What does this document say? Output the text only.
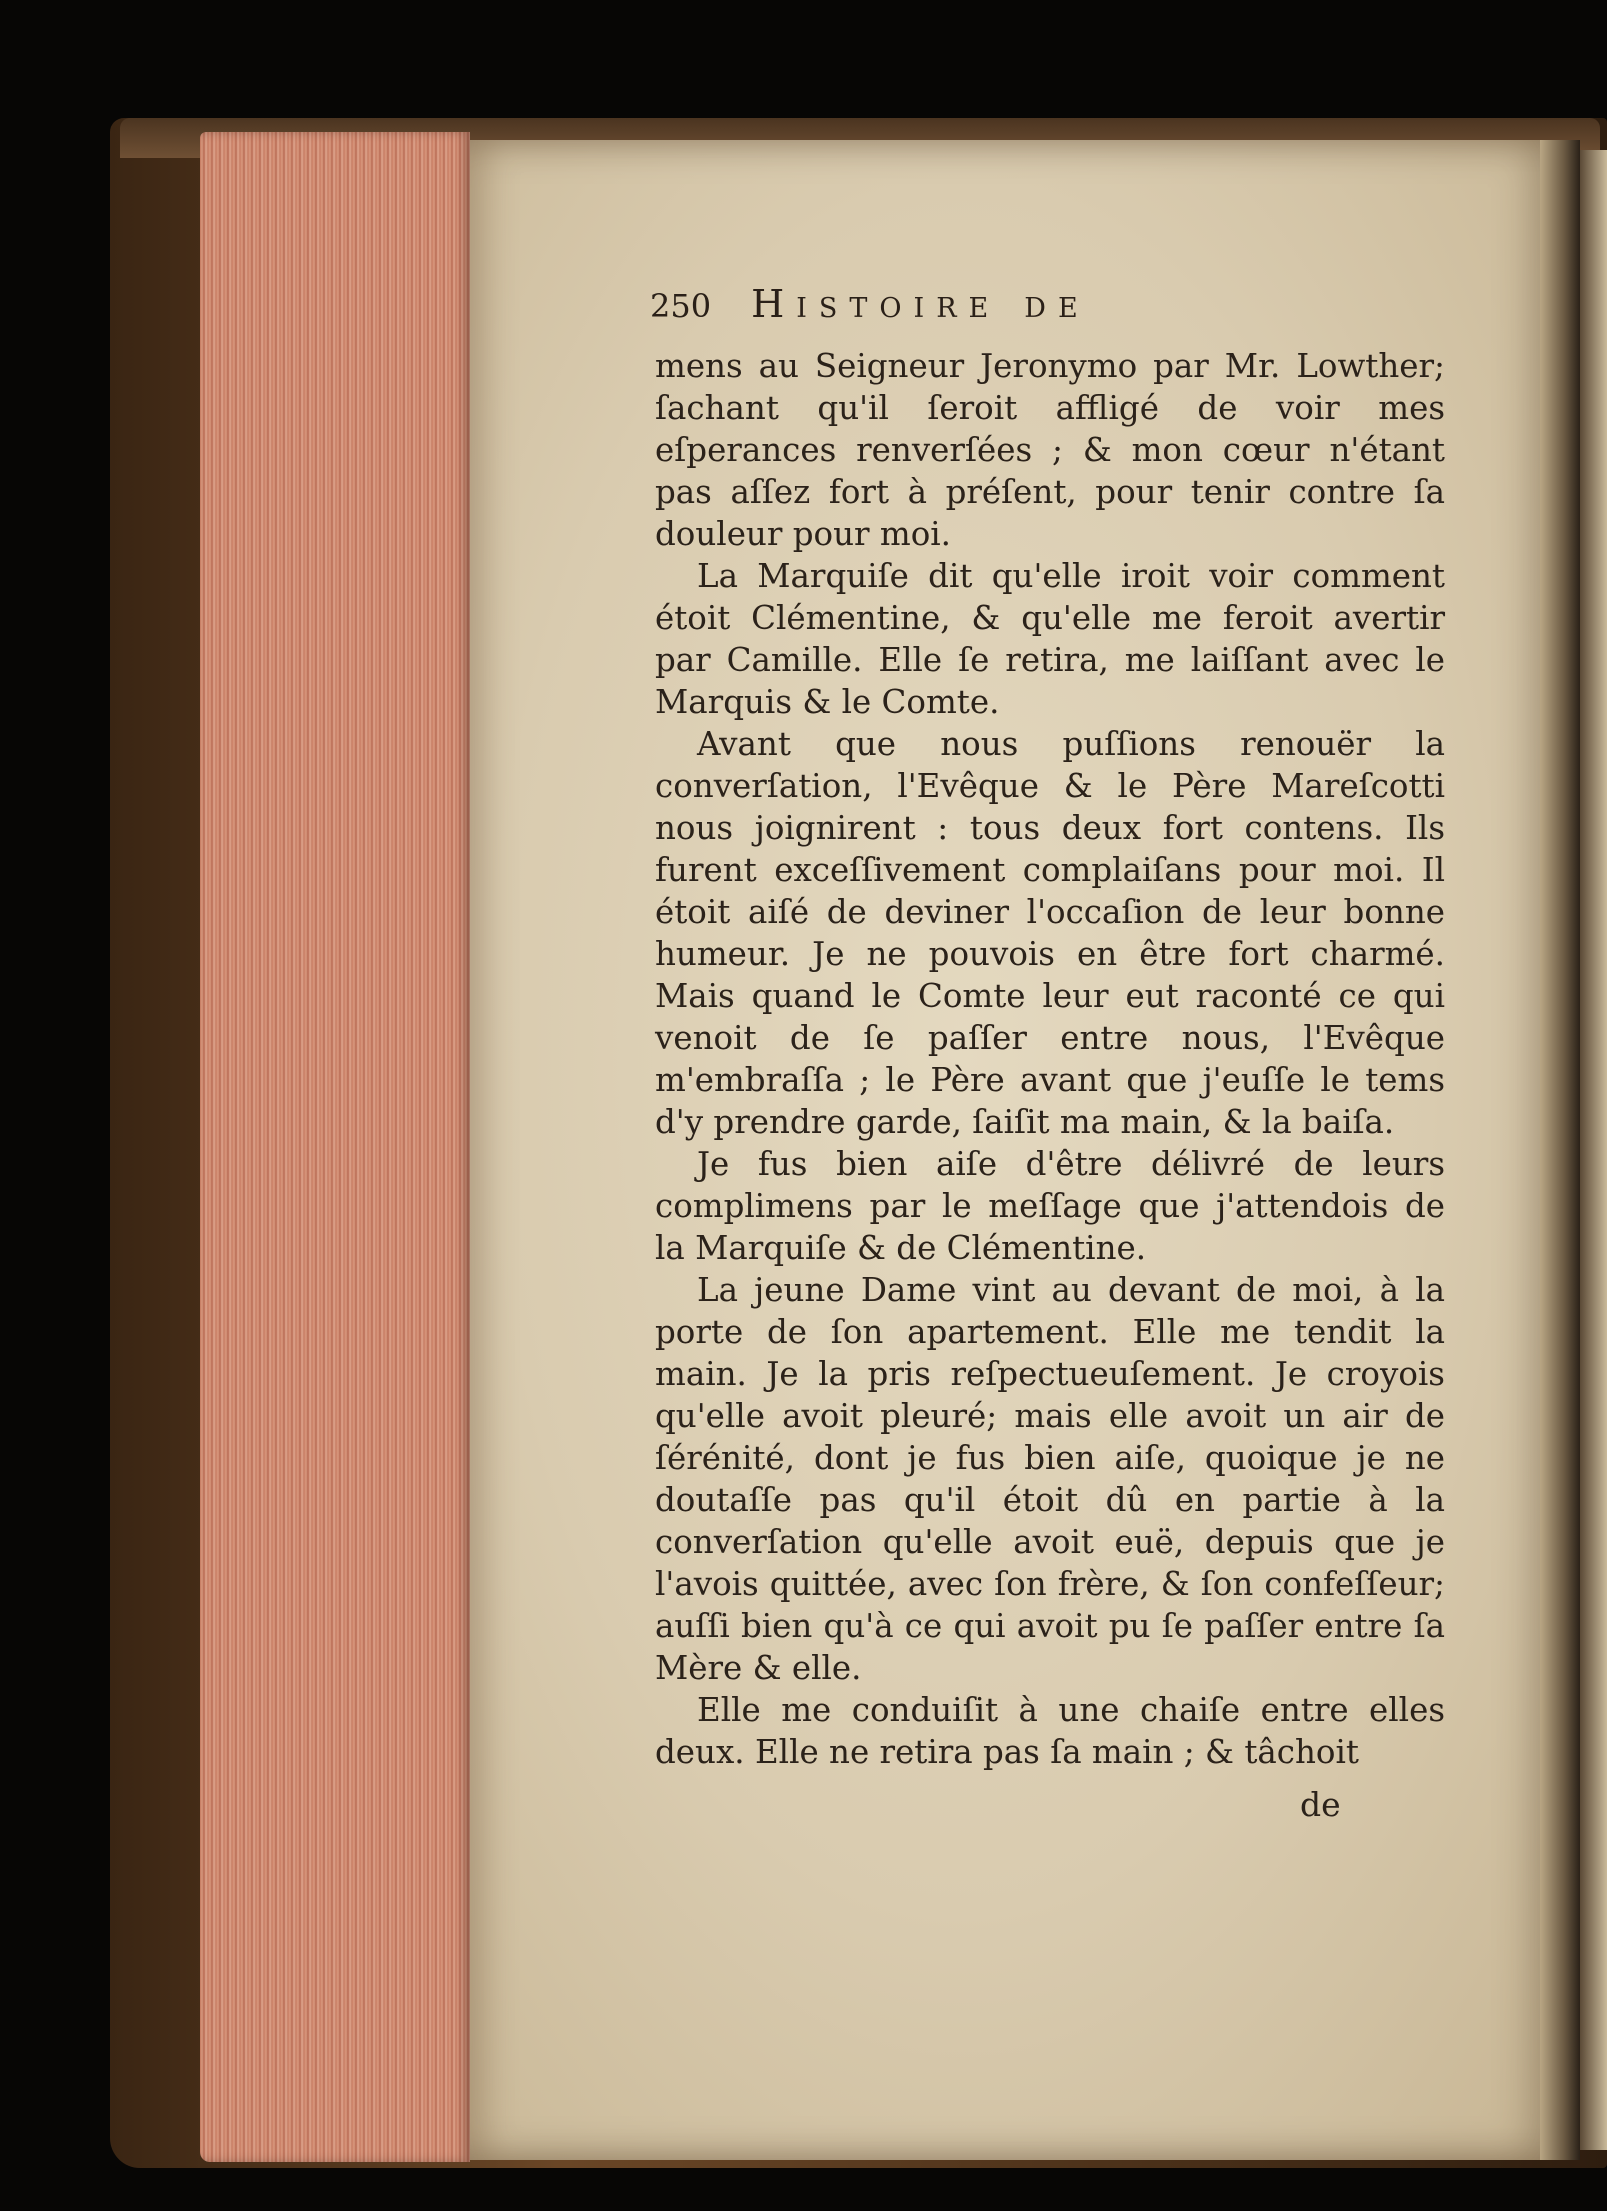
250 Histoire de

mens au Seigneur Jeronymo par Mr. Lowther; ſachant qu'il ſeroit affligé de voir mes eſperances renverſées ; & mon cœur n'étant pas aſſez fort à préſent, pour tenir contre ſa douleur pour moi.

La Marquiſe dit qu'elle iroit voir comment étoit Clémentine, & qu'elle me feroit avertir par Camille. Elle ſe retira, me laiſſant avec le Marquis & le Comte.

Avant que nous puſſions renouër la converſation, l'Evêque & le Père Mareſcotti nous joignirent : tous deux fort contens. Ils furent exceſſivement complaiſans pour moi. Il étoit aiſé de deviner l'occaſion de leur bonne humeur. Je ne pouvois en être fort charmé. Mais quand le Comte leur eut raconté ce qui venoit de ſe paſſer entre nous, l'Evêque m'embraſſa ; le Père avant que j'euſſe le tems d'y prendre garde, ſaiſit ma main, & la baiſa.

Je fus bien aiſe d'être délivré de leurs complimens par le meſſage que j'attendois de la Marquiſe & de Clémentine.

La jeune Dame vint au devant de moi, à la porte de ſon apartement. Elle me tendit la main. Je la pris reſpectueuſement. Je croyois qu'elle avoit pleuré; mais elle avoit un air de ſérénité, dont je fus bien aiſe, quoique je ne doutaſſe pas qu'il étoit dû en partie à la converſation qu'elle avoit euë, depuis que je l'avois quittée, avec ſon frère, & ſon confeſſeur; auſſi bien qu'à ce qui avoit pu ſe paſſer entre ſa Mère & elle.

Elle me conduiſit à une chaiſe entre elles deux. Elle ne retira pas ſa main ; & tâchoit

de
